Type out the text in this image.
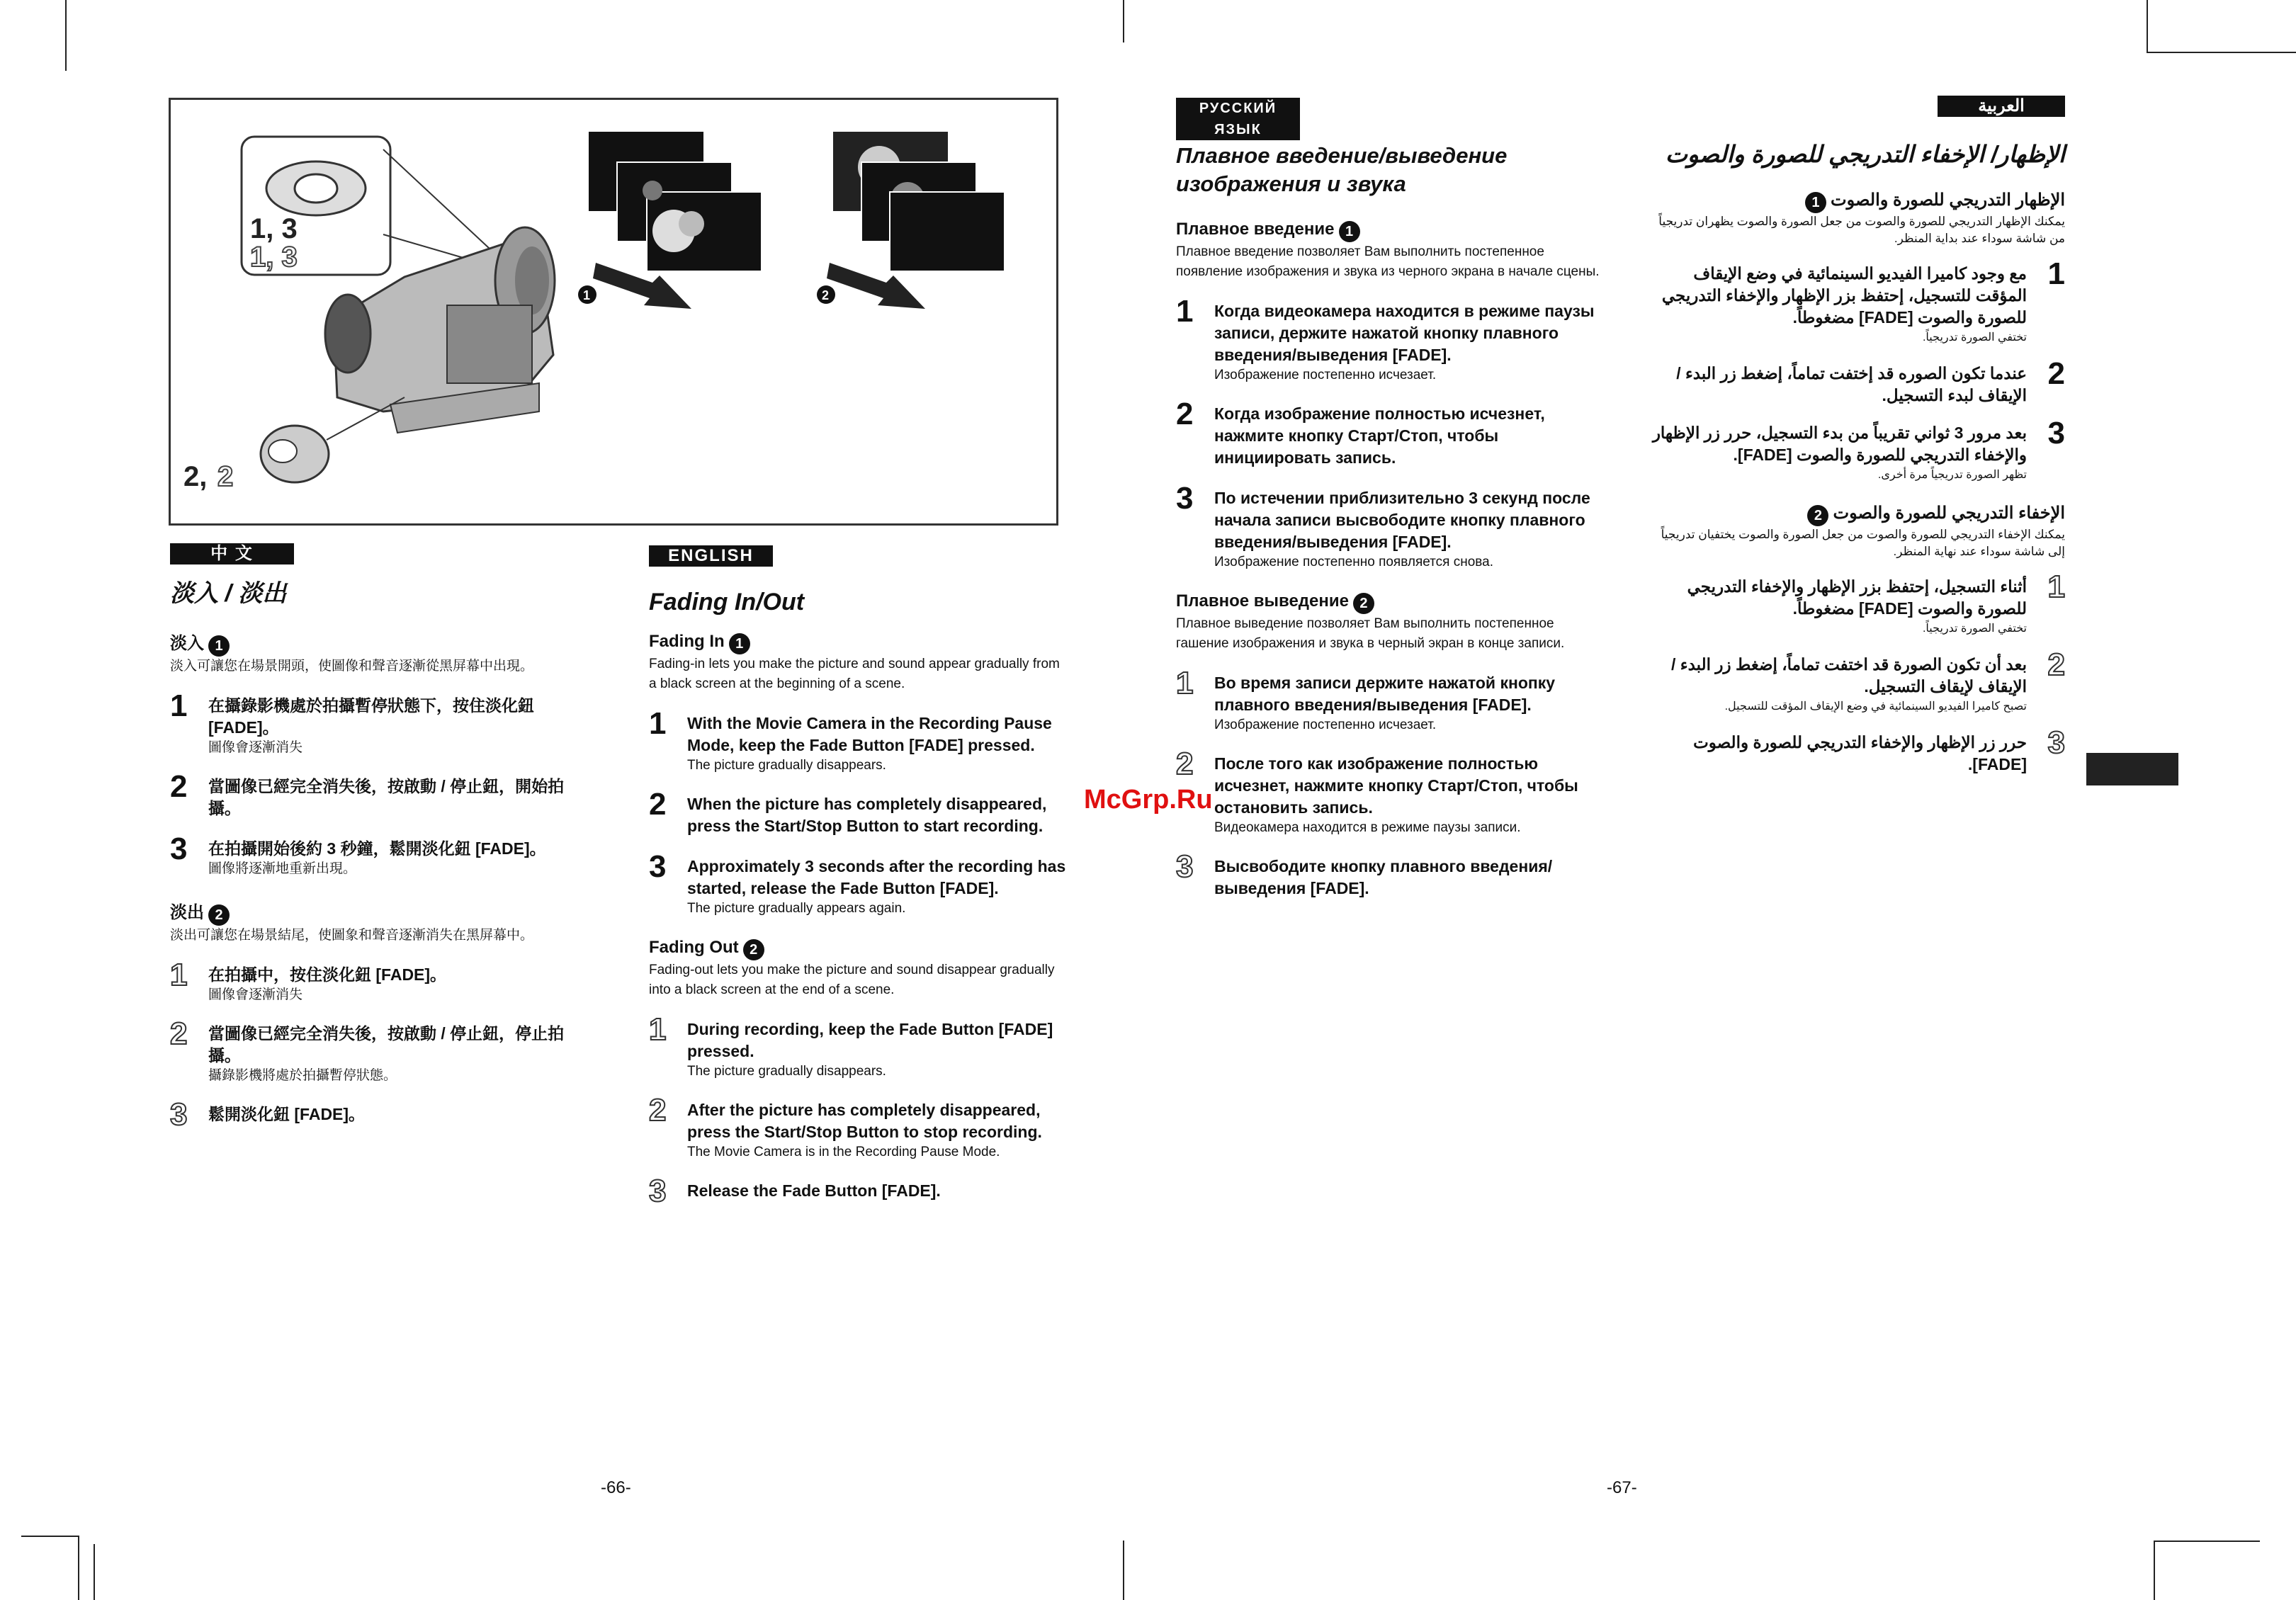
1	2
1, 3
1, 3
2, 2
中 文
淡入 / 淡出
淡入 1

淡入可讓您在場景開頭，使圖像和聲音逐漸從黑屏幕中出現。

1 在攝錄影機處於拍攝暫停狀態下，按住淡化鈕 [FADE]。
圖像會逐漸消失
2 當圖像已經完全消失後，按啟動 / 停止鈕，開始拍攝。
3 在拍攝開始後約 3 秒鐘，鬆開淡化鈕 [FADE]。
圖像將逐漸地重新出現。
淡出 2

淡出可讓您在場景結尾，使圖象和聲音逐漸消失在黑屏幕中。

1 在拍攝中，按住淡化鈕 [FADE]。
圖像會逐漸消失
2 當圖像已經完全消失後，按啟動 / 停止鈕，停止拍攝。
攝錄影機將處於拍攝暫停狀態。
3 鬆開淡化鈕 [FADE]。
ENGLISH
Fading In/Out
Fading In 1

Fading-in lets you make the picture and sound appear gradually from a black screen at the beginning of a scene.

1 With the Movie Camera in the Recording Pause Mode, keep the Fade Button [FADE] pressed.
The picture gradually disappears.
2 When the picture has completely disappeared, press the Start/Stop Button to start recording.
3 Approximately 3 seconds after the recording has started, release the Fade Button [FADE].
The picture gradually appears again.
Fading Out 2

Fading-out lets you make the picture and sound disappear gradually into a black screen at the end of a scene.

1 During recording, keep the Fade Button [FADE] pressed.
The picture gradually disappears.
2 After the picture has completely disappeared, press the Start/Stop Button to stop recording.
The Movie Camera is in the Recording Pause Mode.
3 Release the Fade Button [FADE].
РУССКИЙ ЯЗЫК
Плавное введение/выведение изображения и звука
Плавное введение 1

Плавное введение позволяет Вам выполнить постепенное появление изображения и звука из черного экрана в начале сцены.

1 Когда видеокамера находится в режиме паузы записи, держите нажатой кнопку плавного введения/выведения [FADE].
Изображение постепенно исчезает.
2 Когда изображение полностью исчезнет, нажмите кнопку Старт/Стоп, чтобы инициировать запись.
3 По истечении приблизительно 3 секунд после начала записи высвободите кнопку плавного введения/выведения [FADE].
Изображение постепенно появляется снова.
Плавное выведение 2

Плавное выведение позволяет Вам выполнить постепенное гашение изображения и звука в черный экран в конце записи.

1 Во время записи держите нажатой кнопку плавного введения/выведения [FADE].
Изображение постепенно исчезает.
2 После того как изображение полностью исчезнет, нажмите кнопку Старт/Стоп, чтобы остановить запись.
Видеокамера находится в режиме паузы записи.
3 Высвободите кнопку плавного введения/выведения [FADE].
العربية
الإظهار/ الإخفاء التدريجي للصورة والصوت
الإظهار التدريجي للصورة والصوت1

يمكنك الإظهار التدريجي للصورة والصوت من جعل الصورة والصوت يظهران تدريجياً من شاشة سوداء عند بداية المنظر.

1
مع وجود كاميرا الفيديو السينمائية في وضع الإيقاف المؤقت للتسجيل، إحتفظ بزر الإظهار والإخفاء التدريجي للصورة والصوت [FADE] مضغوطاً.
تختفي الصورة تدريجياً.
2
عندما تكون الصوره قد إختفت تماماً، إضغط زر البدء / الإيقاف لبدء التسجيل.
3
بعد مرور 3 ثواني تقريباً من بدء التسجيل، حرر زر الإظهار والإخفاء التدريجي للصورة والصوت [FADE].
تظهر الصورة تدريجياً مرة أخرى.
الإخفاء التدريجي للصورة والصوت2

يمكنك الإخفاء التدريجي للصورة والصوت من جعل الصورة والصوت يختفيان تدريجياً إلى شاشة سوداء عند نهاية المنظر.

1
أثناء التسجيل، إحتفظ بزر الإظهار والإخفاء التدريجي للصورة والصوت [FADE] مضغوطاً.
تختفي الصورة تدريجياً.
2
بعد أن تكون الصورة قد اختفت تماماً، إضغط زر البدء / الإيقاف لإيقاف التسجيل.
تصبح كاميرا الفيديو السينمائية في وضع الإيقاف المؤقت للتسجيل.
3
حرر زر الإظهار والإخفاء التدريجي للصورة والصوت [FADE].
McGrp.Ru
-66-	-67-
